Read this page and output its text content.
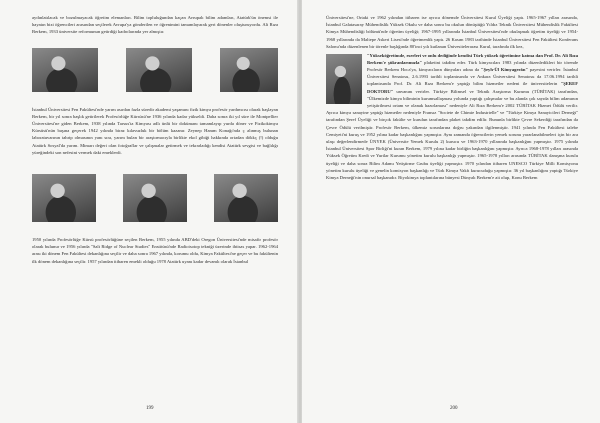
aydınlatılacak ve bozulmayacak öğretim elemanları. Bilim topluluğundan kaçan Avrupalı bilim adamları, Atatürk'ün önemsi ile hayatın bizi öğrencileri arasından seçilerek Avrupa'ya gönderilen ve öğrenimini tamamlayarak geri dönenler oluşturuyordu. Ali Rıza Berkem, 1933 üniversite reformunun getirdiği kadrolarında yer almıştır.

İstanbul Üniversitesi Fen Fakültesi'nde yarım asırdan fazla süredir akademi yaşamını fizik kimya profesör yardımcısı olarak başlayan Berkem, bir yıl sonra başlık getirilerek Profesörlüğe Kürsüsü'ne 1936 yılında kadar yükseldi. Daha sonra iki yıl süre ile Montpellier Üniversitesi'ne giden Berkem, 1938 yılında Tarsus'ta Kimyası adlı ünlü bir dokümanı tamamlayıp yurda döner ve Fizikokimya Kürsüsü'nün başına geçerek 1942 yılında biraz kılavuzluk bir bölüm kazanır. Zeynep Hanım Konağı'nda ç alınmış bulunan laboratuvarının tahrip olmasının yanı sıra, yarım bulan bir araştırmacıyla birlikte ekol gibiği hakkında ortadan dökkç (!) olduğu Atatürk Sosyal'da yarım. Mimarı değeri olan fotoğraflar ve çalışmalar getirmek ve tekrarladığı kendisi Atatürk sevgisi ve bağlılığı yüreğindeki son nefesini vermek daki emeklerdi.

1950 yılında Profesörlüğe Kürsü profesörlüğüne seçilen Berkem, 1955 yılında ABD'deki Oregon Üniversitesi'nde misafir profesör olarak bulunur ve 1956 yılında "Salt Ridge of Nuclear Studies" Enstitüsü'nde Radioisotop tekniği üzerinde ihtisas yapar. 1962-1964 arası iki dönem Fen Fakültesi dekanlığına seçilir ve daha sonra 1967 yılında, korumu oldu, Kimya Fakültesi'ne geçer ve bu fakültenin ilk dönem dekanlığına seçilir. 1957 yılından itibaren emekli olduğu 1978 Atatürk uyanı kadar devamlı olarak İstanbul

199

Üniversitesi'ne, Ortaki ve 1962 yılından itibaren ise ayrıca dönemde Üniversitesi Kurul Üyeliği yaptı. 1965-1967 yılları arasında, İstanbul Galatasaray Mühendislik Yüksek Okulu ve daha sonra bu okulun dönüştüğü Yıldız Teknik Üniversitesi Mühendislik Fakültesi Kimya Mühendisliği bölümü'nde öğretim üyeliği; 1967-1995 yıllarında İstanbul Üniversitesi'nde okulaşmak öğretim üyeliği ve 1954-1968 yıllarında da Maltepe Askeri Lisesi'nde öğretmenlik yaptı. 26 Kasım 1983 tarihinde İstanbul Üniversitesi Fen Fakültesi Konferans Salonu'nda düzenlenen bir törenle başlığında 80'inci yılı kutlanan Ünivesitelerarası Kurul, tarafında ilk kez,

"Yükseköğretimde, eserleri ve onlu dediğinde kendisi Türk yüksek öğretimine katma dan Prof. Dr. Ali Rıza Berkem'e şükranlarımızla" plaketini takdim eder. Türk kimyacıları 1983 yılında düzenledikleri bir törende Profesör Berkem Hoca'ya, kimyacıların dünyaları adına da "Şeyh-Ül Kimyagerân" payesini verirler. İstanbul Üniversitesi Senatosu, 2.6.1993 tarihli toplantısında ve Ankara Üniversitesi Senatosu da 17.06.1994 tarihli toplantısında Prof. Dr. Ali Rıza Berkem'e yaptığı bilim hizmetler nedeni ile üniversitelerin "ŞEREF DOKTORU" unvanını verirler. Türkiye Bilimsel ve Teknik Araştırma Kurumu (TÜBİTAK) tarafından, "Ülkemizde kimya biliminin kurumsallaşması yolunda yaptığı çalışmalar ve bu alanda çok sayıda bilim adamının yetiştirilmesi ortam ve olanak hazırlaması" nedeniyle Ali Rıza Berkem'e 2002 TÜBİTAK Hizmet Ödülü verilir. Ayrıca kimya sanayine yaptığı hizmetler nedeniyle Fransız "Societe de Chimie Industrielle" ve "Türkiye Kimya Sanayicileri Derneği" tarafından Şeref Üyeliği ve birçok fakülte ve kurulun tarafından plaket takdim edilir. Bununla birlikte Çevre Sekerdiği tarafından da Çevre Ödülü verilmiştir. Profesör Berkem, ülkemiz sorunlarına doğru yakından ilgilenmiştir. 1941 yılında Fen Fakültesi talebe Cemiyeti'ni kuruş ve 1952 yılına kadar başkanlığını yapmıştır. Aynı zamanda öğrencilerin yemek sorunu yararlanabilmeleri için bir ara ulaşı değerlendirmede ÜNYEK (Üniversite Yemek Kurulu 2) kurucu ve 1963-1970 yıllarında başkanlığını yapmıştır. 1975 yılında İstanbul Üniversitesi Spor Birliği'ni kuran Berkem, 1979 yılına kadar birliğin başkanlığını yapmıştır. Ayrıca 1968-1978 yılları arasında Yüksek Öğretim Kredi ve Yurtlar Kurumu yönetim kurulu başkanlığı yapmıştır. 1965-1978 yılları arasında TÜBİTAK danışma kurulu üyeliği ve daha sonra Bilim Adamı Yetiştirme Grubu üyeliği yapmıştır. 1970 yılından itibaren UNESCO Türkiye Milli Komisyonu yönetim kurulu üyeliği ve genelin komisyon başkanlığı ve Türk Kimya Vakfı kurucuduğu yapmıştır. 36 yıl başkanlığını yaptığı Türkiye Kimya Derneği'nin onursal başkanıdır. Biyokimya toplantılarına bünyesi Dünyalı Berkem'e ait olup, Konu Berkem

200
